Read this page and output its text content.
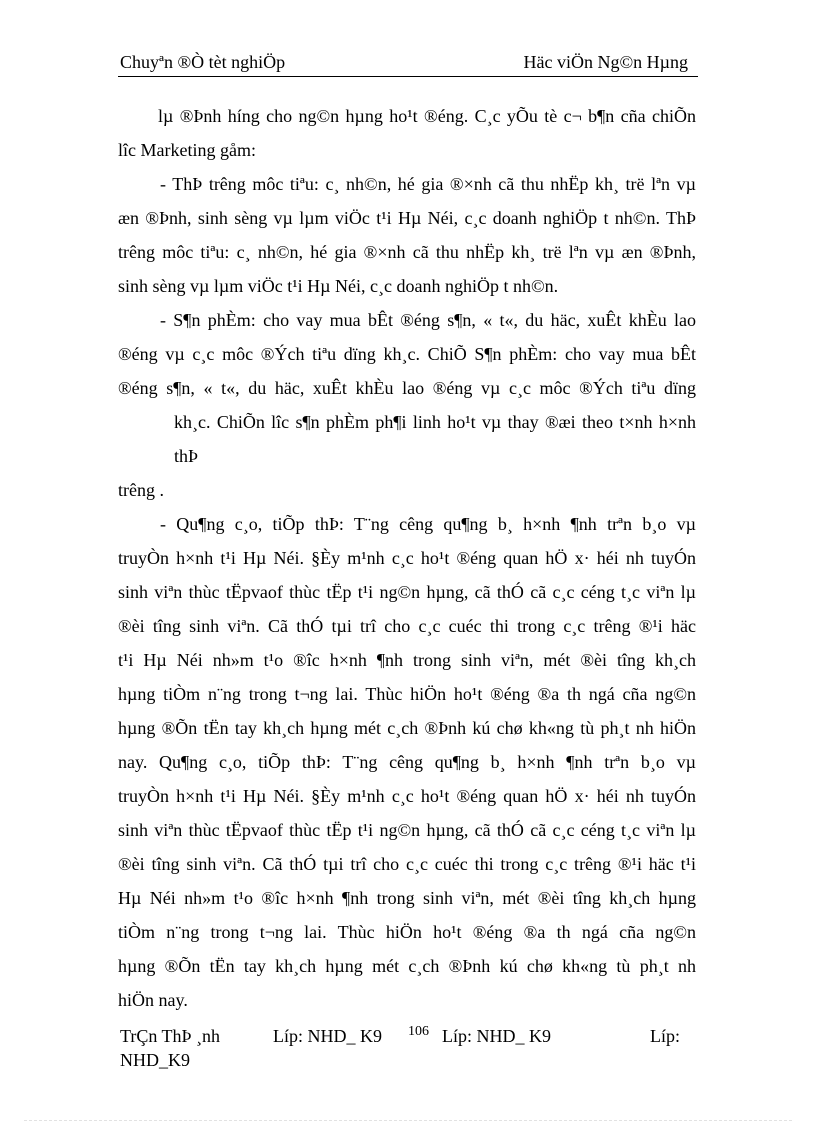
Chuyªn ®Ò tèt nghiÖp	Häc viÖn Ng©n Hµng
lµ ®Þnh híng cho ng©n hµng ho¹t ®éng. C¸c yÕu tè c¬ b¶n cña chiÕn
lîc Marketing gåm:
- ThÞ trêng môc tiªu: c¸ nh©n, hé gia ®×nh cã thu nhËp kh¸ trë lªn vµ
æn ®Þnh, sinh sèng vµ lµm viÖc t¹i Hµ Néi, c¸c doanh nghiÖp t nh©n. ThÞ
trêng môc tiªu: c¸ nh©n, hé gia ®×nh cã thu nhËp kh¸ trë lªn vµ æn ®Þnh,
sinh sèng vµ lµm viÖc t¹i Hµ Néi, c¸c doanh nghiÖp t nh©n.
- S¶n phÈm: cho vay mua bÊt ®éng s¶n, « t«, du häc, xuÊt khÈu lao
®éng vµ c¸c môc ®Ých tiªu dïng kh¸c. ChiÕ S¶n phÈm: cho vay mua bÊt
®éng s¶n, « t«, du häc, xuÊt khÈu lao ®éng vµ c¸c môc ®Ých tiªu dïng
kh¸c. ChiÕn lîc s¶n phÈm ph¶i linh ho¹t vµ thay ®æi theo t×nh h×nh thÞ
trêng .
- Qu¶ng c¸o, tiÕp thÞ: T¨ng cêng qu¶ng b¸ h×nh ¶nh trªn b¸o vµ
truyÒn h×nh t¹i Hµ Néi. §Èy m¹nh c¸c ho¹t ®éng quan hÖ x· héi nh tuyÓn
sinh viªn thùc tËpvaof thùc tËp t¹i ng©n hµng, cã thÓ cã c¸c céng t¸c viªn lµ
®èi tîng sinh viªn. Cã thÓ tµi trî cho c¸c cuéc thi trong c¸c trêng ®¹i häc
t¹i Hµ Néi nh»m t¹o ®îc h×nh ¶nh trong sinh viªn, mét ®èi tîng kh¸ch
hµng tiÒm n¨ng trong t¬ng lai. Thùc hiÖn ho¹t ®éng ®a th ngá cña ng©n
hµng ®Õn tËn tay kh¸ch hµng mét c¸ch ®Þnh kú chø kh«ng tù ph¸t nh hiÖn
nay. Qu¶ng c¸o, tiÕp thÞ: T¨ng cêng qu¶ng b¸ h×nh ¶nh trªn b¸o vµ
truyÒn h×nh t¹i Hµ Néi. §Èy m¹nh c¸c ho¹t ®éng quan hÖ x· héi nh tuyÓn
sinh viªn thùc tËpvaof thùc tËp t¹i ng©n hµng, cã thÓ cã c¸c céng t¸c viªn lµ
®èi tîng sinh viªn. Cã thÓ tµi trî cho c¸c cuéc thi trong c¸c trêng ®¹i häc t¹i
Hµ Néi nh»m t¹o ®îc h×nh ¶nh trong sinh viªn, mét ®èi tîng kh¸ch hµng
tiÒm n¨ng trong t¬ng lai. Thùc hiÖn ho¹t ®éng ®a th ngá cña ng©n
hµng ®Õn tËn tay kh¸ch hµng mét c¸ch ®Þnh kú chø kh«ng tù ph¸t nh
hiÖn nay.
TrÇn ThÞ ¸nh	Líp: NHD_ K9 106 Líp: NHD_ K9	Líp:
NHD_K9
